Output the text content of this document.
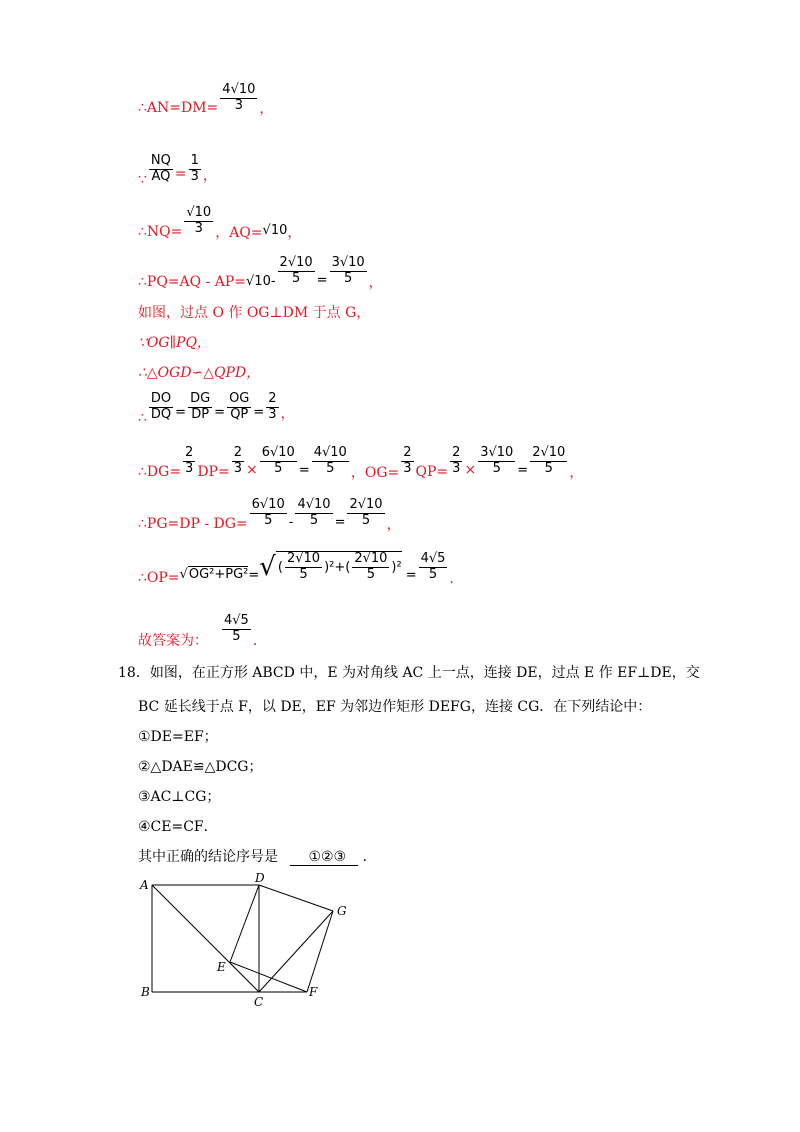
∴AN=DM= $\frac{4√10}{3}$ ，
∵ $\frac{NQ}{AQ} = \frac{1}{3}$ ，
∴NQ= $\frac{√10}{3}$ ，AQ= √10 ，
∴PQ=AQ - $AP= √10 - \frac{2√10}{5} = \frac{3√10}{5}$ ，
如图，过点 O 作 OG⊥DM 于点 G，
∵OG∥PQ，
∴△OGD∽△QPD，
∴ $\frac{DO}{DQ} = \frac{DG}{DP} = \frac{OG}{QP} = \frac{2}{3}$ ，
∴DG= $\frac{2}{3} DP= \frac{2}{3} \times \frac{6√10}{5} = \frac{4√10}{5}$ ，$OG= \frac{2}{3} QP= \frac{2}{3} \times \frac{3√10}{5} = \frac{2√10}{5}$ ，
∴PG=DP - $DG= \frac{6√10}{5} - \frac{4√10}{5} = \frac{2√10}{5}$ ，
∴OP= √OG²+PG² = √ ( $\frac{2√10}{5} )^2+( \frac{2√10}{5} )^2 = \frac{4√5}{5}$ ．
故答案为： $\frac{4√5}{5}$ ．
18．如图，在正方形 ABCD 中，E 为对角线 AC 上一点，连接 DE，过点 E 作 EF⊥DE，交
BC 延长线于点 F，以 DE，EF 为邻边作矩形 DEFG，连接 CG．在下列结论中：
①DE=EF；
②△DAE≌△DCG；
③AC⊥CG；
④CE=CF．
其中正确的结论序号是 ①②③ ．
A
B
C
D
E
F
G
